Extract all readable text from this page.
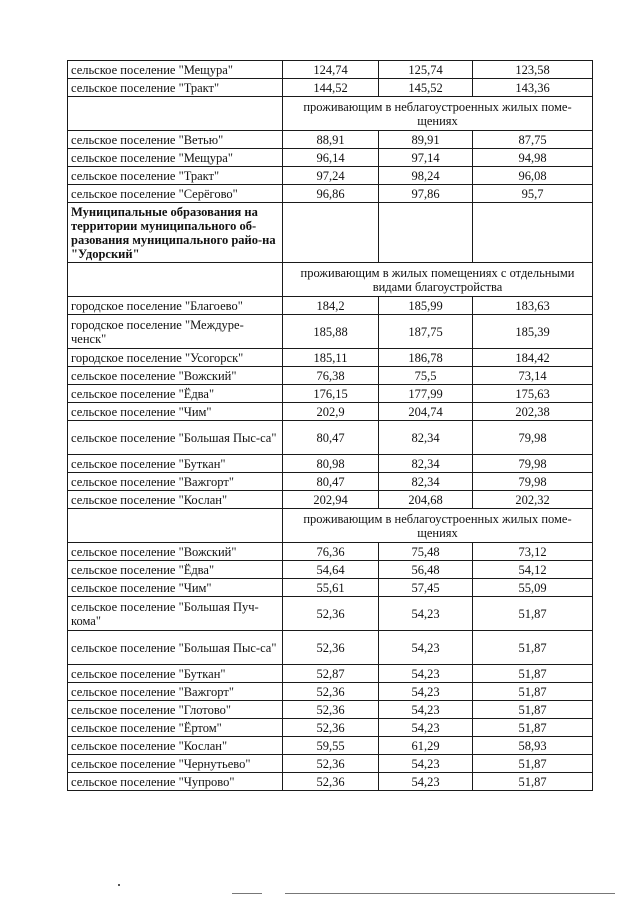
сельское поселение "Мещура"	124,74	125,74	123,58
сельское поселение "Тракт"	144,52	145,52	143,36
	проживающим в неблагоустроенных жилых поме-щениях		
сельское поселение "Ветью"	88,91	89,91	87,75
сельское поселение "Мещура"	96,14	97,14	94,98
сельское поселение "Тракт"	97,24	98,24	96,08
сельское поселение "Серёгово"	96,86	97,86	95,7
Муниципальные образования на территории муниципального об-разования муниципального райо-на "Удорский"			
	проживающим в жилых помещениях с отдельными видами благоустройства		
городское поселение "Благоево"	184,2	185,99	183,63
городское поселение "Междуре-ченск"	185,88	187,75	185,39
городское поселение "Усогорск"	185,11	186,78	184,42
сельское поселение "Вожский"	76,38	75,5	73,14
сельское поселение "Ёдва"	176,15	177,99	175,63
сельское поселение "Чим"	202,9	204,74	202,38
сельское поселение "Большая Пыс-са"	80,47	82,34	79,98
сельское поселение "Буткан"	80,98	82,34	79,98
сельское поселение "Важгорт"	80,47	82,34	79,98
сельское поселение "Кослан"	202,94	204,68	202,32
	проживающим в неблагоустроенных жилых поме-щениях		
сельское поселение "Вожский"	76,36	75,48	73,12
сельское поселение "Ёдва"	54,64	56,48	54,12
сельское поселение "Чим"	55,61	57,45	55,09
сельское поселение "Большая Пуч-кома"	52,36	54,23	51,87
сельское поселение "Большая Пыс-са"	52,36	54,23	51,87
сельское поселение "Буткан"	52,87	54,23	51,87
сельское поселение "Важгорт"	52,36	54,23	51,87
сельское поселение "Глотово"	52,36	54,23	51,87
сельское поселение "Ёртом"	52,36	54,23	51,87
сельское поселение "Кослан"	59,55	61,29	58,93
сельское поселение "Чернутьево"	52,36	54,23	51,87
сельское поселение "Чупрово"	52,36	54,23	51,87
